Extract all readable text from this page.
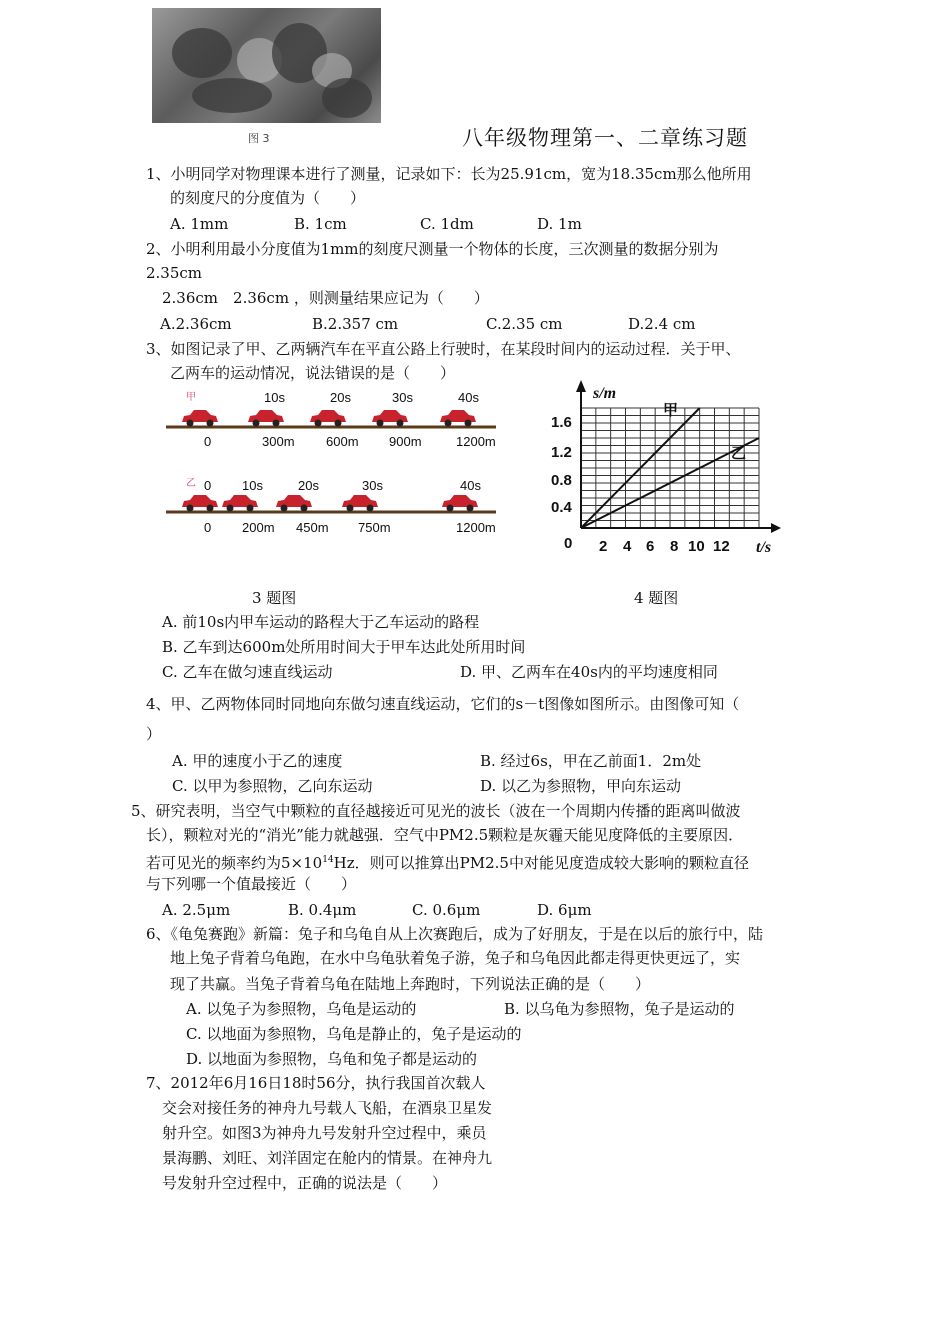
图 3	八年级物理第一、二章练习题
1、小明同学对物理课本进行了测量，记录如下：长为25.91cm，宽为18.35cm那么他所用
的刻度尺的分度值为（　　）
A. 1mm	B. 1cm	C. 1dm	D. 1m
2、小明利用最小分度值为1mm的刻度尺测量一个物体的长度，三次测量的数据分别为
2.35cm
2.36cm　2.36cm ，则测量结果应记为（　　）
A.2.36cm	B.2.357 cm	C.2.35 cm	D.2.4 cm
3、如图记录了甲、乙两辆汽车在平直公路上行驶时，在某段时间内的运动过程．关于甲、
乙两车的运动情况，说法错误的是（　　）
甲	10s	20s	30s	40s
0	300m 600m 900m	1200m
乙 0 10s	20s	30s	40s
0 200m 450m 750m	1200m
s/m
t/s
1.6
1.2
0.8
0.4
0 2 4 6 8 10 12
甲
乙
3 题图	4 题图
A. 前10s内甲车运动的路程大于乙车运动的路程
B. 乙车到达600m处所用时间大于甲车达此处所用时间
C. 乙车在做匀速直线运动	D. 甲、乙两车在40s内的平均速度相同
4、甲、乙两物体同时同地向东做匀速直线运动，它们的s－t图像如图所示。由图像可知（
）
A. 甲的速度小于乙的速度	B. 经过6s，甲在乙前面1．2m处
C. 以甲为参照物，乙向东运动	D. 以乙为参照物，甲向东运动
5、研究表明，当空气中颗粒的直径越接近可见光的波长（波在一个周期内传播的距离叫做波
长），颗粒对光的“消光”能力就越强．空气中PM2.5颗粒是灰霾天能见度降低的主要原因．
若可见光的频率约为$5\times 10^{14}Hz$．则可以推算出PM2.5中对能见度造成较大影响的颗粒直径
与下列哪一个值最接近（　　）
A. 2.5μm	B. 0.4μm	C. 0.6μm	D. 6μm
6、《龟兔赛跑》新篇：兔子和乌龟自从上次赛跑后，成为了好朋友，于是在以后的旅行中，陆
地上兔子背着乌龟跑，在水中乌龟驮着兔子游，兔子和乌龟因此都走得更快更远了，实
现了共赢。当兔子背着乌龟在陆地上奔跑时，下列说法正确的是（　　）
A. 以兔子为参照物，乌龟是运动的	B. 以乌龟为参照物，兔子是运动的
C. 以地面为参照物，乌龟是静止的，兔子是运动的
D. 以地面为参照物，乌龟和兔子都是运动的
7、2012年6月16日18时56分，执行我国首次载人
交会对接任务的神舟九号载人飞船，在酒泉卫星发
射升空。如图3为神舟九号发射升空过程中，乘员
景海鹏、刘旺、刘洋固定在舱内的情景。在神舟九
号发射升空过程中，正确的说法是（　　）
